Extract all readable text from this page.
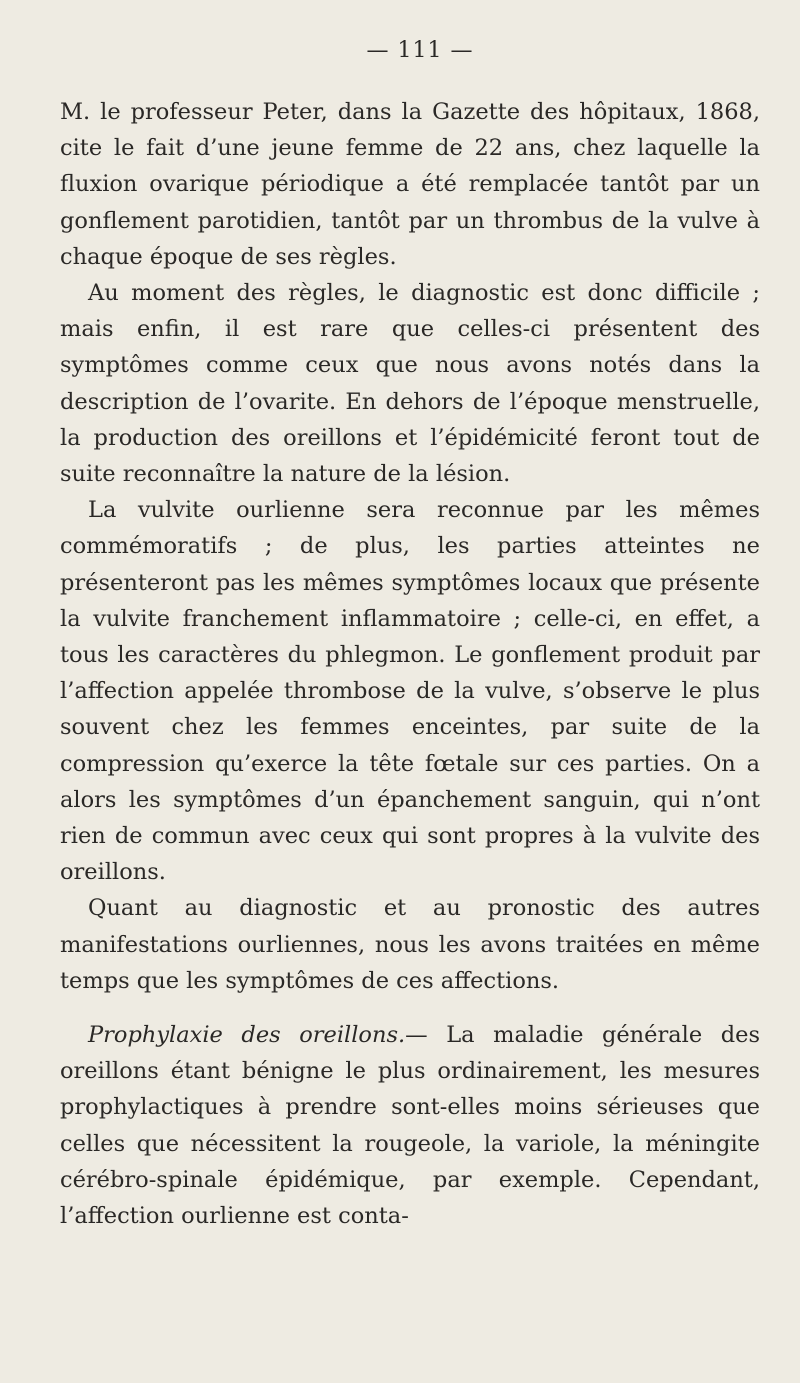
— 111 —

M. le professeur Peter, dans la Gazette des hôpitaux, 1868, cite le fait d’une jeune femme de 22 ans, chez laquelle la fluxion ovarique périodique a été remplacée tantôt par un gonflement parotidien, tantôt par un thrombus de la vulve à chaque époque de ses règles.

Au moment des règles, le diagnostic est donc difficile ; mais enfin, il est rare que celles-ci présentent des symptômes comme ceux que nous avons notés dans la description de l’ovarite. En dehors de l’époque menstruelle, la production des oreillons et l’épidémicité feront tout de suite reconnaître la nature de la lésion.

La vulvite ourlienne sera reconnue par les mêmes commémoratifs ; de plus, les parties atteintes ne présenteront pas les mêmes symptômes locaux que présente la vulvite franchement inflammatoire ; celle-ci, en effet, a tous les caractères du phlegmon. Le gonflement produit par l’affection appelée thrombose de la vulve, s’observe le plus souvent chez les femmes enceintes, par suite de la compression qu’exerce la tête fœtale sur ces parties. On a alors les symptômes d’un épanchement sanguin, qui n’ont rien de commun avec ceux qui sont propres à la vulvite des oreillons.

Quant au diagnostic et au pronostic des autres manifestations ourliennes, nous les avons traitées en même temps que les symptômes de ces affections.

Prophylaxie des oreillons.— La maladie générale des oreillons étant bénigne le plus ordinairement, les mesures prophylactiques à prendre sont-elles moins sérieuses que celles que nécessitent la rougeole, la variole, la méningite cérébro-spinale épidémique, par exemple. Cependant, l’affection ourlienne est conta-
